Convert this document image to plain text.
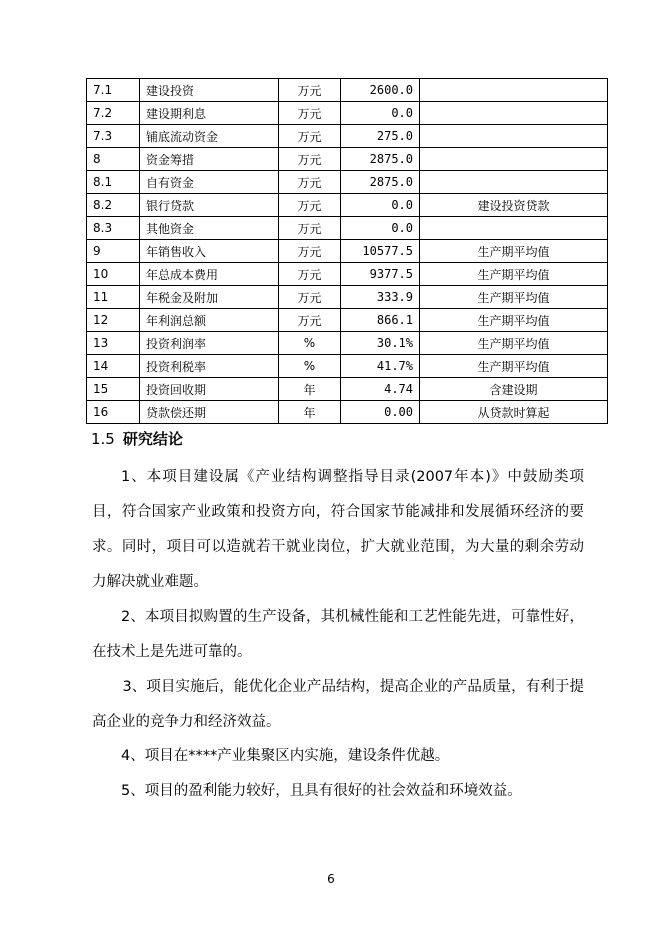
7.1	建设投资	万元	2600.0	
7.2	建设期利息	万元	0.0	
7.3	铺底流动资金	万元	275.0	
8	资金筹措	万元	2875.0	
8.1	自有资金	万元	2875.0	
8.2	银行贷款	万元	0.0	建设投资贷款
8.3	其他资金	万元	0.0	
9	年销售收入	万元	10577.5	生产期平均值
10	年总成本费用	万元	9377.5	生产期平均值
11	年税金及附加	万元	333.9	生产期平均值
12	年利润总额	万元	866.1	生产期平均值
13	投资利润率	%	30.1%	生产期平均值
14	投资利税率	%	41.7%	生产期平均值
15	投资回收期	年	4.74	含建设期
16	贷款偿还期	年	0.00	从贷款时算起
1.5 研究结论

1、本项目建设属《产业结构调整指导目录(2007年本)》中鼓励类项目，符合国家产业政策和投资方向，符合国家节能减排和发展循环经济的要求。同时，项目可以造就若干就业岗位，扩大就业范围，为大量的剩余劳动力解决就业难题。

2、本项目拟购置的生产设备，其机械性能和工艺性能先进，可靠性好，在技术上是先进可靠的。

3、项目实施后，能优化企业产品结构，提高企业的产品质量，有利于提高企业的竞争力和经济效益。

4、项目在****产业集聚区内实施，建设条件优越。

5、项目的盈利能力较好，且具有很好的社会效益和环境效益。

6
